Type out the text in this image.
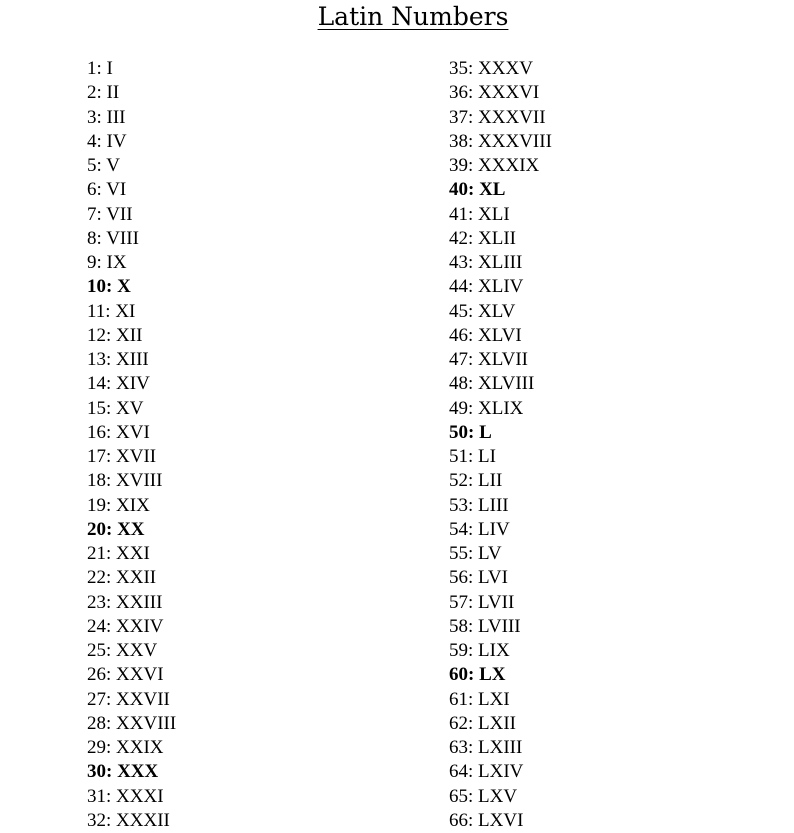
Latin Numbers
1: I
2: II
3: III
4: IV
5: V
6: VI
7: VII
8: VIII
9: IX
10: X
11: XI
12: XII
13: XIII
14: XIV
15: XV
16: XVI
17: XVII
18: XVIII
19: XIX
20: XX
21: XXI
22: XXII
23: XXIII
24: XXIV
25: XXV
26: XXVI
27: XXVII
28: XXVIII
29: XXIX
30: XXX
31: XXXI
32: XXXII
35: XXXV
36: XXXVI
37: XXXVII
38: XXXVIII
39: XXXIX
40: XL
41: XLI
42: XLII
43: XLIII
44: XLIV
45: XLV
46: XLVI
47: XLVII
48: XLVIII
49: XLIX
50: L
51: LI
52: LII
53: LIII
54: LIV
55: LV
56: LVI
57: LVII
58: LVIII
59: LIX
60: LX
61: LXI
62: LXII
63: LXIII
64: LXIV
65: LXV
66: LXVI
